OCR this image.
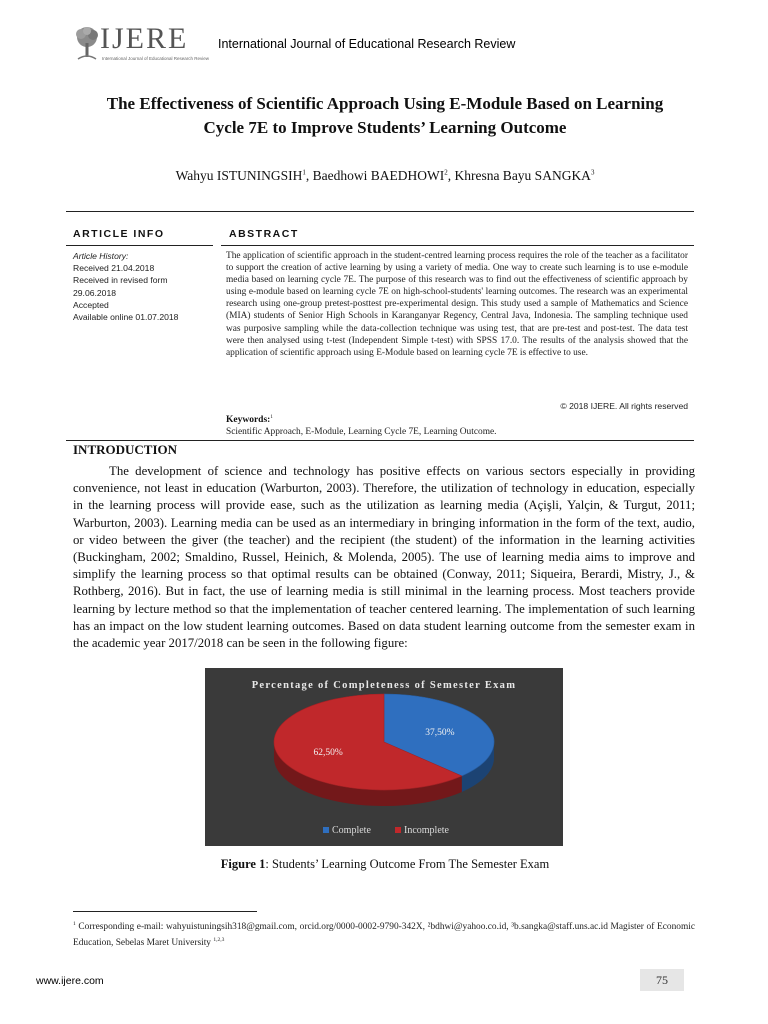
IJERE
International Journal of Educational Research Review
International Journal of Educational Research Review
The Effectiveness of Scientific Approach Using E-Module Based on Learning Cycle 7E to Improve Students’ Learning Outcome
Wahyu ISTUNINGSIH$^1$, Baedhowi BAEDHOWI$^2$, Khresna Bayu SANGKA$^3$
ARTICLE INFO	ABSTRACT
Article History:
Received 21.04.2018
Received in revised form
29.06.2018
Accepted
Available online 01.07.2018
The application of scientific approach in the student-centred learning process requires the role of the teacher as a facilitator to support the creation of active learning by using a variety of media. One way to create such learning is to use e-module media based on learning cycle 7E. The purpose of this research was to find out the effectiveness of scientific approach by using e-module based on learning cycle 7E on high-school-students' learning outcomes. The research was an experimental research using one-group pretest-posttest pre-experimental design. This study used a sample of Mathematics and Science (MIA) students of Senior High Schools in Karanganyar Regency, Central Java, Indonesia. The sampling technique used was purposive sampling while the data-collection technique was using test, that are pre-test and post-test. The data test were then analysed using t-test (Independent Simple t-test) with SPSS 17.0. The results of the analysis showed that the application of scientific approach using E-Module based on learning cycle 7E is effective to use.
© 2018 IJERE. All rights reserved
Keywords:$^1$
Scientific Approach, E-Module, Learning Cycle 7E, Learning Outcome.
INTRODUCTION
The development of science and technology has positive effects on various sectors especially in providing convenience, not least in education (Warburton, 2003). Therefore, the utilization of technology in education, especially in the learning process will provide ease, such as the utilization as learning media (Açişli, Yalçin, & Turgut, 2011; Warburton, 2003). Learning media can be used as an intermediary in bringing information in the form of the text, audio, or video between the giver (the teacher) and the recipient (the student) of the information in the learning activities (Buckingham, 2002; Smaldino, Russel, Heinich, & Molenda, 2005). The use of learning media aims to improve and simplify the learning process so that optimal results can be obtained (Conway, 2011; Siqueira, Berardi, Mistry, J., & Rothberg, 2016). But in fact, the use of learning media is still minimal in the learning process. Most teachers provide learning by lecture method so that the implementation of teacher centered learning. The implementation of such learning has an impact on the low student learning outcomes. Based on data student learning outcome from the semester exam in the academic year 2017/2018 can be seen in the following figure:
Percentage of Completeness of Semester Exam
37,50%
62,50%
Complete	Incomplete
Figure 1: Students’ Learning Outcome From The Semester Exam
$^1$ Corresponding e-mail: wahyuistuningsih318@gmail.com, orcid.org/0000-0002-9790-342X, ²bdhwi@yahoo.co.id, ³b.sangka@staff.uns.ac.id Magister of Economic Education, Sebelas Maret University $^{1,2,3}$
www.ijere.com	75
